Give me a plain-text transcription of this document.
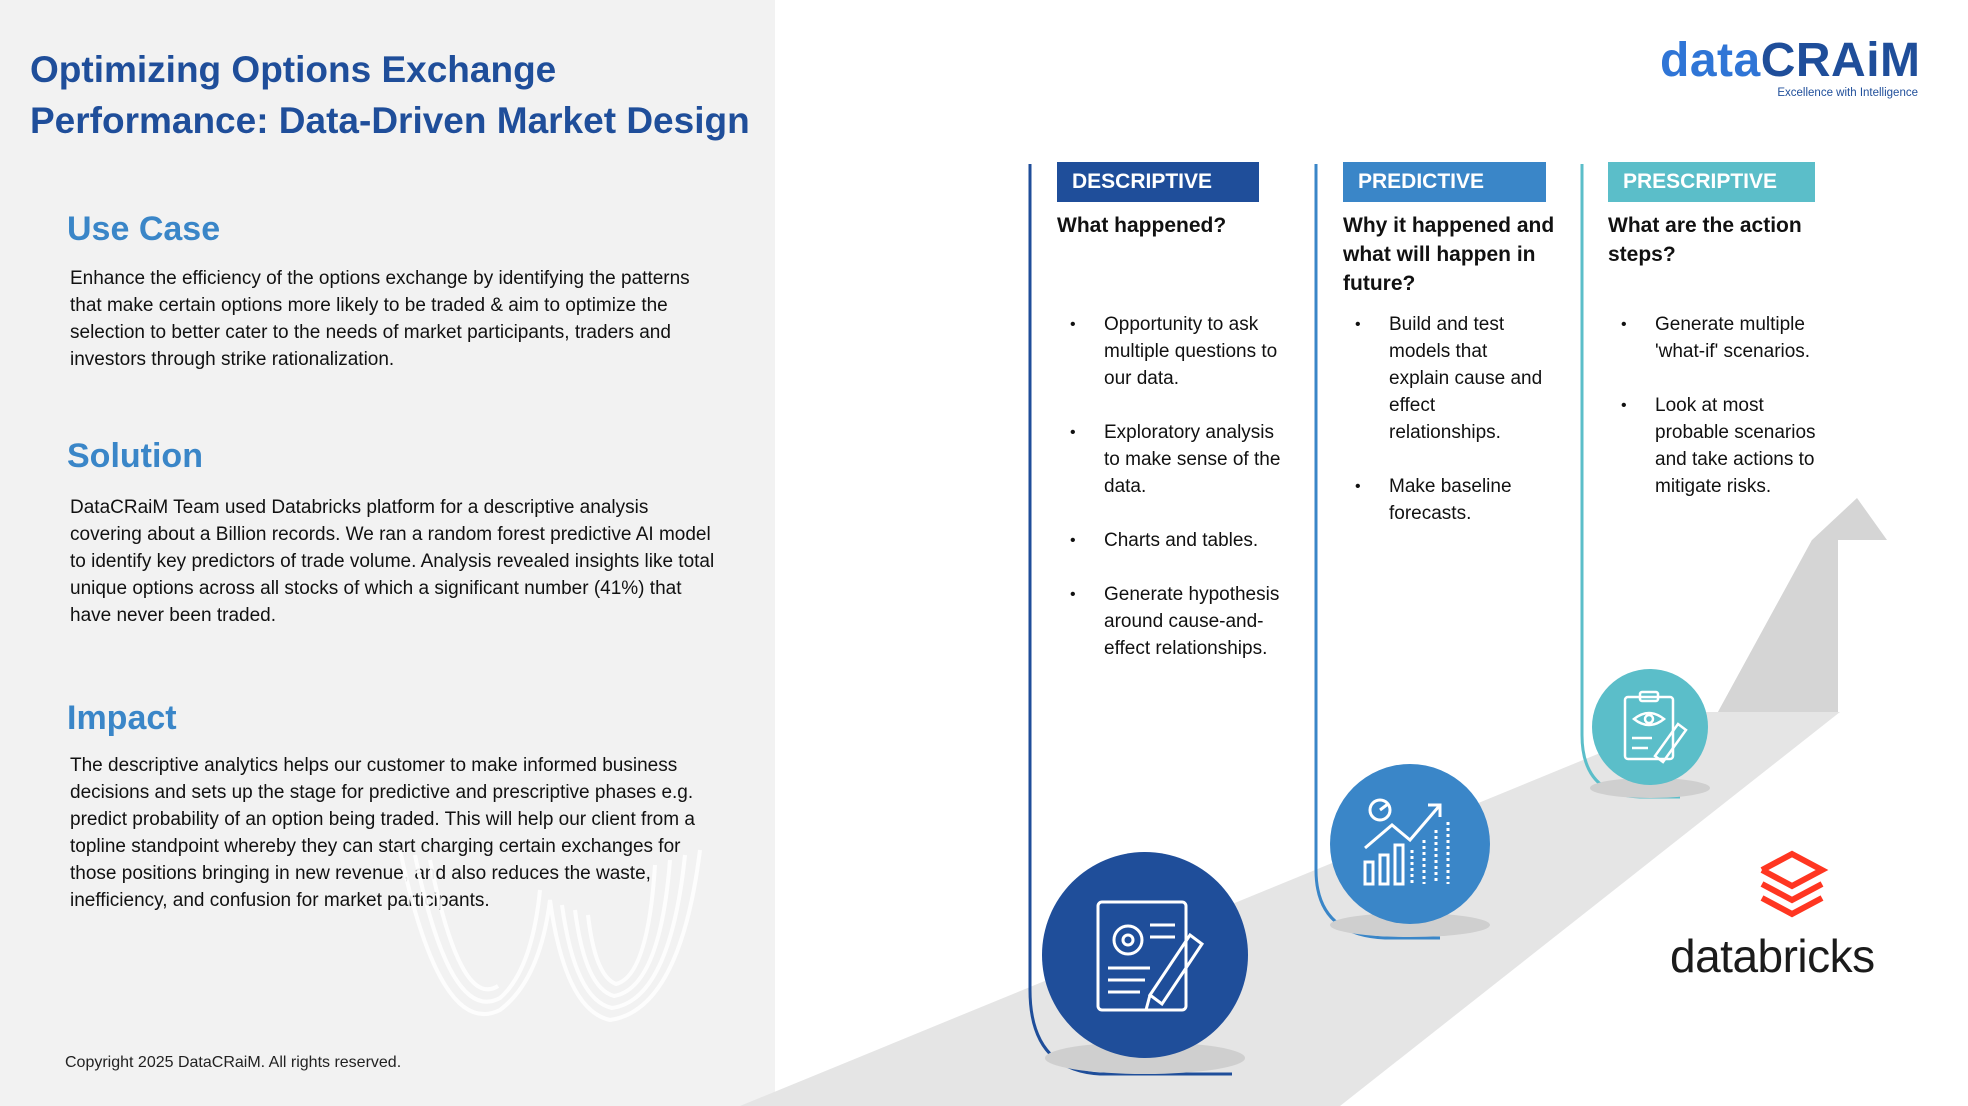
Optimizing Options Exchange Performance: Data-Driven Market Design
Use Case

Enhance the efficiency of the options exchange by identifying the patterns that make certain options more likely to be traded & aim to optimize the selection to better cater to the needs of market participants, traders and investors through strike rationalization.

Solution

DataCRaiM Team used Databricks platform for a descriptive analysis covering about a Billion records. We ran a random forest predictive AI model to identify key predictors of trade volume. Analysis revealed insights like total unique options across all stocks of which a significant number (41%) that have never been traded.

Impact

The descriptive analytics helps our customer to make informed business decisions and sets up the stage for predictive and prescriptive phases e.g. predict probability of an option being traded. This will help our client from a topline standpoint whereby they can start charging certain exchanges for those positions bringing in new revenue, and also reduces the waste, inefficiency, and confusion for market participants.

Copyright 2025 DataCRaiM. All rights reserved.

DESCRIPTIVE	PREDICTIVE	PRESCRIPTIVE

What happened?	Why it happened and what will happen in future?

What are the action steps?

• Opportunity to ask multiple questions to our data.
• Exploratory analysis to make sense of the data.
• Charts and tables.
• Generate hypothesis around cause-and-effect relationships.
• Build and test models that explain cause and effect relationships.
• Make baseline forecasts.
• Generate multiple 'what-if' scenarios.
• Look at most probable scenarios and take actions to mitigate risks.
dataCRAiM
Excellence with Intelligence
databricks
